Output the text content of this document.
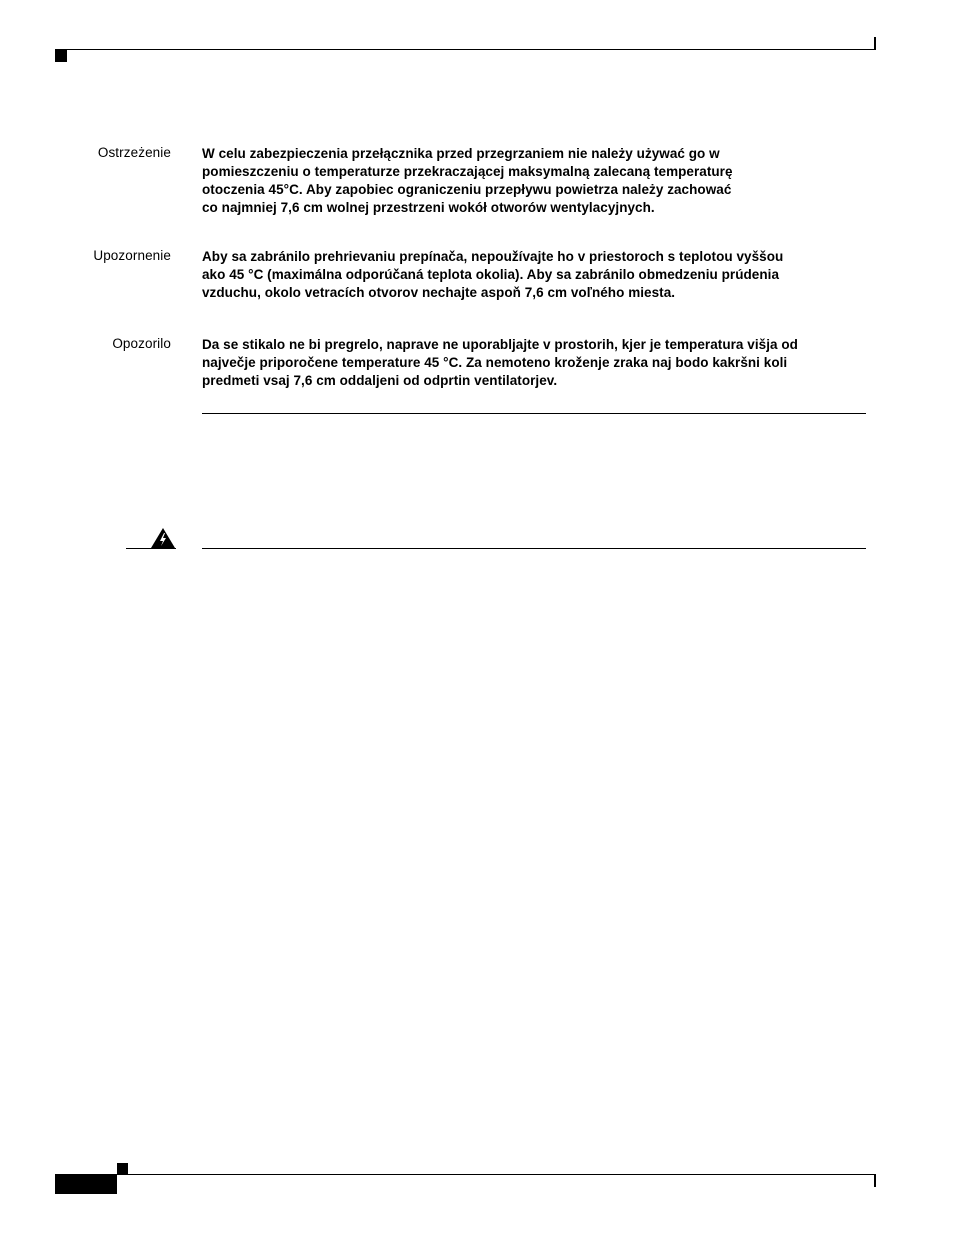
Ostrzeżenie W celu zabezpieczenia przełącznika przed przegrzaniem nie należy używać go w
pomieszczeniu o temperaturze przekraczającej maksymalną zalecaną temperaturę
otoczenia 45°C. Aby zapobiec ograniczeniu przepływu powietrza należy zachować
co najmniej 7,6 cm wolnej przestrzeni wokół otworów wentylacyjnych.
Upozornenie Aby sa zabránilo prehrievaniu prepínača, nepoužívajte ho v priestoroch s teplotou vyššou
ako 45 °C (maximálna odporúčaná teplota okolia). Aby sa zabránilo obmedzeniu prúdenia
vzduchu, okolo vetracích otvorov nechajte aspoň 7,6 cm voľného miesta.
Opozorilo Da se stikalo ne bi pregrelo, naprave ne uporabljajte v prostorih, kjer je temperatura višja od
največje priporočene temperature 45 °C. Za nemoteno kroženje zraka naj bodo kakršni koli
predmeti vsaj 7,6 cm oddaljeni od odprtin ventilatorjev.
